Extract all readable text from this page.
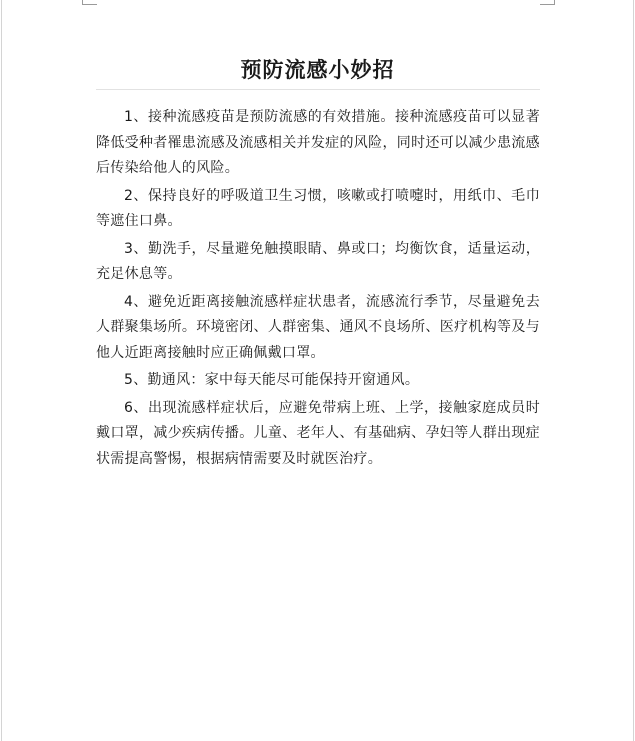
预防流感小妙招

1、接种流感疫苗是预防流感的有效措施。接种流感疫苗可以显著降低受种者罹患流感及流感相关并发症的风险，同时还可以减少患流感后传染给他人的风险。

2、保持良好的呼吸道卫生习惯，咳嗽或打喷嚏时，用纸巾、毛巾等遮住口鼻。

3、勤洗手，尽量避免触摸眼睛、鼻或口；均衡饮食，适量运动，充足休息等。

4、避免近距离接触流感样症状患者，流感流行季节，尽量避免去人群聚集场所。环境密闭、人群密集、通风不良场所、医疗机构等及与他人近距离接触时应正确佩戴口罩。

5、勤通风：家中每天能尽可能保持开窗通风。

6、出现流感样症状后，应避免带病上班、上学，接触家庭成员时戴口罩，减少疾病传播。儿童、老年人、有基础病、孕妇等人群出现症状需提高警惕，根据病情需要及时就医治疗。
